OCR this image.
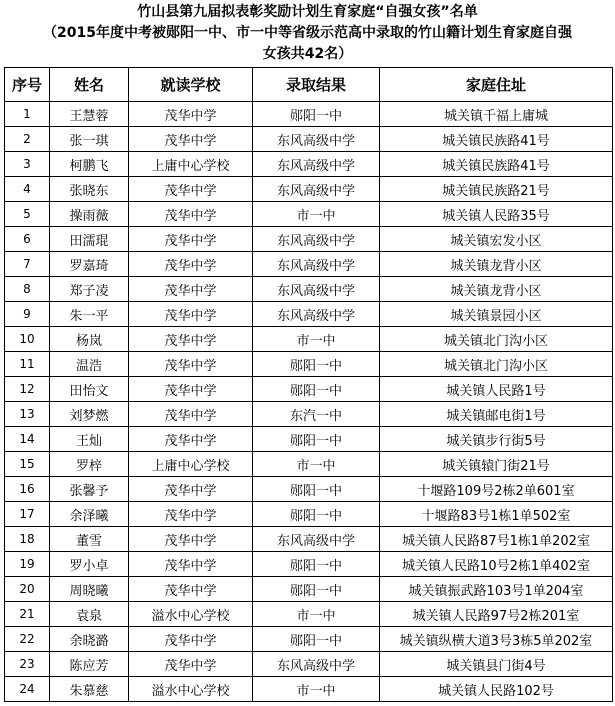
竹山县第九届拟表彰奖励计划生育家庭“自强女孩”名单
（2015年度中考被郧阳一中、市一中等省级示范高中录取的竹山籍计划生育家庭自强
女孩共42名）
序号	姓名	就读学校	录取结果	家庭住址
1	王慧蓉	茂华中学	郧阳一中	城关镇千福上庸城
2	张一琪	茂华中学	东风高级中学	城关镇民族路41号
3	柯鹏飞	上庸中心学校	东风高级中学	城关镇民族路41号
4	张晓东	茂华中学	东风高级中学	城关镇民族路21号
5	操雨薇	茂华中学	市一中	城关镇人民路35号
6	田濡琨	茂华中学	东风高级中学	城关镇宏发小区
7	罗嘉琦	茂华中学	东风高级中学	城关镇龙背小区
8	郑子凌	茂华中学	东风高级中学	城关镇龙背小区
9	朱一平	茂华中学	东风高级中学	城关镇景园小区
10	杨岚	茂华中学	市一中	城关镇北门沟小区
11	温浩	茂华中学	郧阳一中	城关镇北门沟小区
12	田怡文	茂华中学	郧阳一中	城关镇人民路1号
13	刘梦燃	茂华中学	东汽一中	城关镇邮电街1号
14	王灿	茂华中学	郧阳一中	城关镇步行街5号
15	罗梓	上庸中心学校	市一中	城关镇辕门街21号
16	张馨予	茂华中学	郧阳一中	十堰路109号2栋2单601室
17	余泽曦	茂华中学	郧阳一中	十堰路83号1栋1单502室
18	董雪	茂华中学	东风高级中学	城关镇人民路87号1栋1单202室
19	罗小卓	茂华中学	郧阳一中	城关镇人民路10号2栋1单402室
20	周晓曦	茂华中学	郧阳一中	城关镇振武路103号1单204室
21	袁泉	溢水中心学校	市一中	城关镇人民路97号2栋201室
22	余晓潞	茂华中学	郧阳一中	城关镇纵横大道3号3栋5单202室
23	陈应芳	茂华中学	东风高级中学	城关镇县门街4号
24	朱慕慈	溢水中心学校	市一中	城关镇人民路102号
